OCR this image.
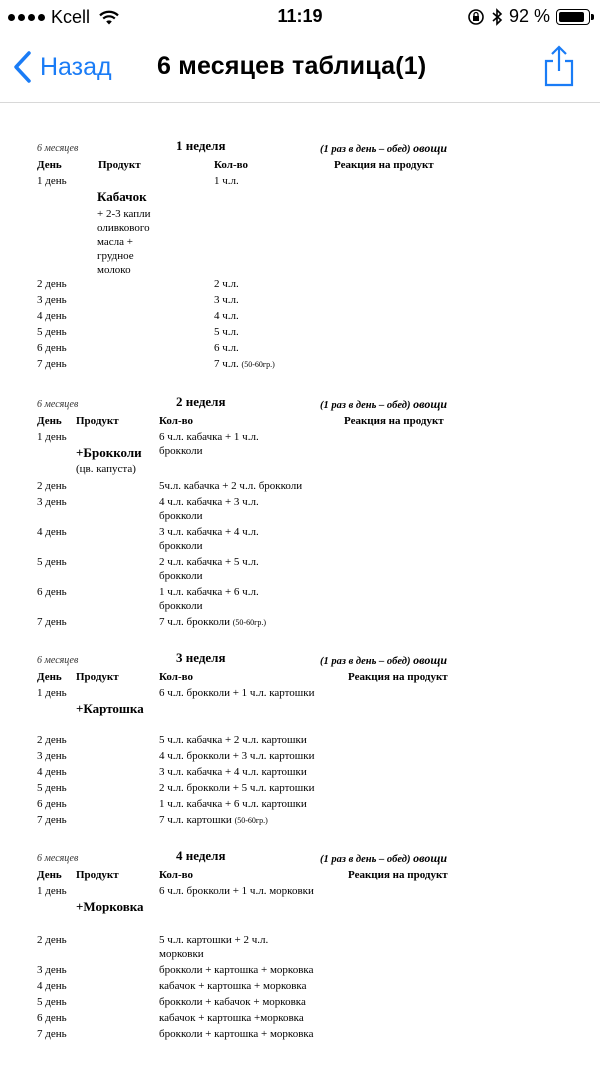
Kcell	11:19	92 %
Назад 6 месяцев таблица(1)
6 месяцев	1 неделя	(1 раз в день – обед) овощи
День	Продукт	Кол-во	Реакция на продукт
1 день	1 ч.л.
Кабачок
+ 2-3 капли оливкового масла + грудное молоко
2 день	2 ч.л.
3 день	3 ч.л.
4 день	4 ч.л.
5 день	5 ч.л.
6 день	6 ч.л.
7 день	7 ч.л. (50-60гр.)
6 месяцев	2 неделя	(1 раз в день – обед) овощи
День Продукт	Кол-во	Реакция на продукт
1 день	6 ч.л. кабачка + 1 ч.л. брокколи
+Брокколи
(цв. капуста)
2 день	5ч.л. кабачка + 2 ч.л. брокколи
3 день	4 ч.л. кабачка + 3 ч.л. брокколи
4 день	3 ч.л. кабачка + 4 ч.л. брокколи
5 день	2 ч.л. кабачка + 5 ч.л. брокколи
6 день	1 ч.л. кабачка + 6 ч.л. брокколи
7 день	7 ч.л. брокколи (50-60гр.)
6 месяцев	3 неделя	(1 раз в день – обед) овощи
День Продукт	Кол-во	Реакция на продукт
1 день	6 ч.л. брокколи + 1 ч.л. картошки
+Картошка
2 день	5 ч.л. кабачка + 2 ч.л. картошки
3 день	4 ч.л. брокколи + 3 ч.л. картошки
4 день	3 ч.л. кабачка + 4 ч.л. картошки
5 день	2 ч.л. брокколи + 5 ч.л. картошки
6 день	1 ч.л. кабачка + 6 ч.л. картошки
7 день	7 ч.л. картошки (50-60гр.)
6 месяцев	4 неделя	(1 раз в день – обед) овощи
День Продукт	Кол-во	Реакция на продукт
1 день	6 ч.л. брокколи + 1 ч.л. морковки
+Морковка
2 день	5 ч.л. картошки + 2 ч.л. морковки
3 день	брокколи + картошка + морковка
4 день	кабачок + картошка + морковка
5 день	брокколи + кабачок + морковка
6 день	кабачок + картошка +морковка
7 день	брокколи + картошка + морковка
